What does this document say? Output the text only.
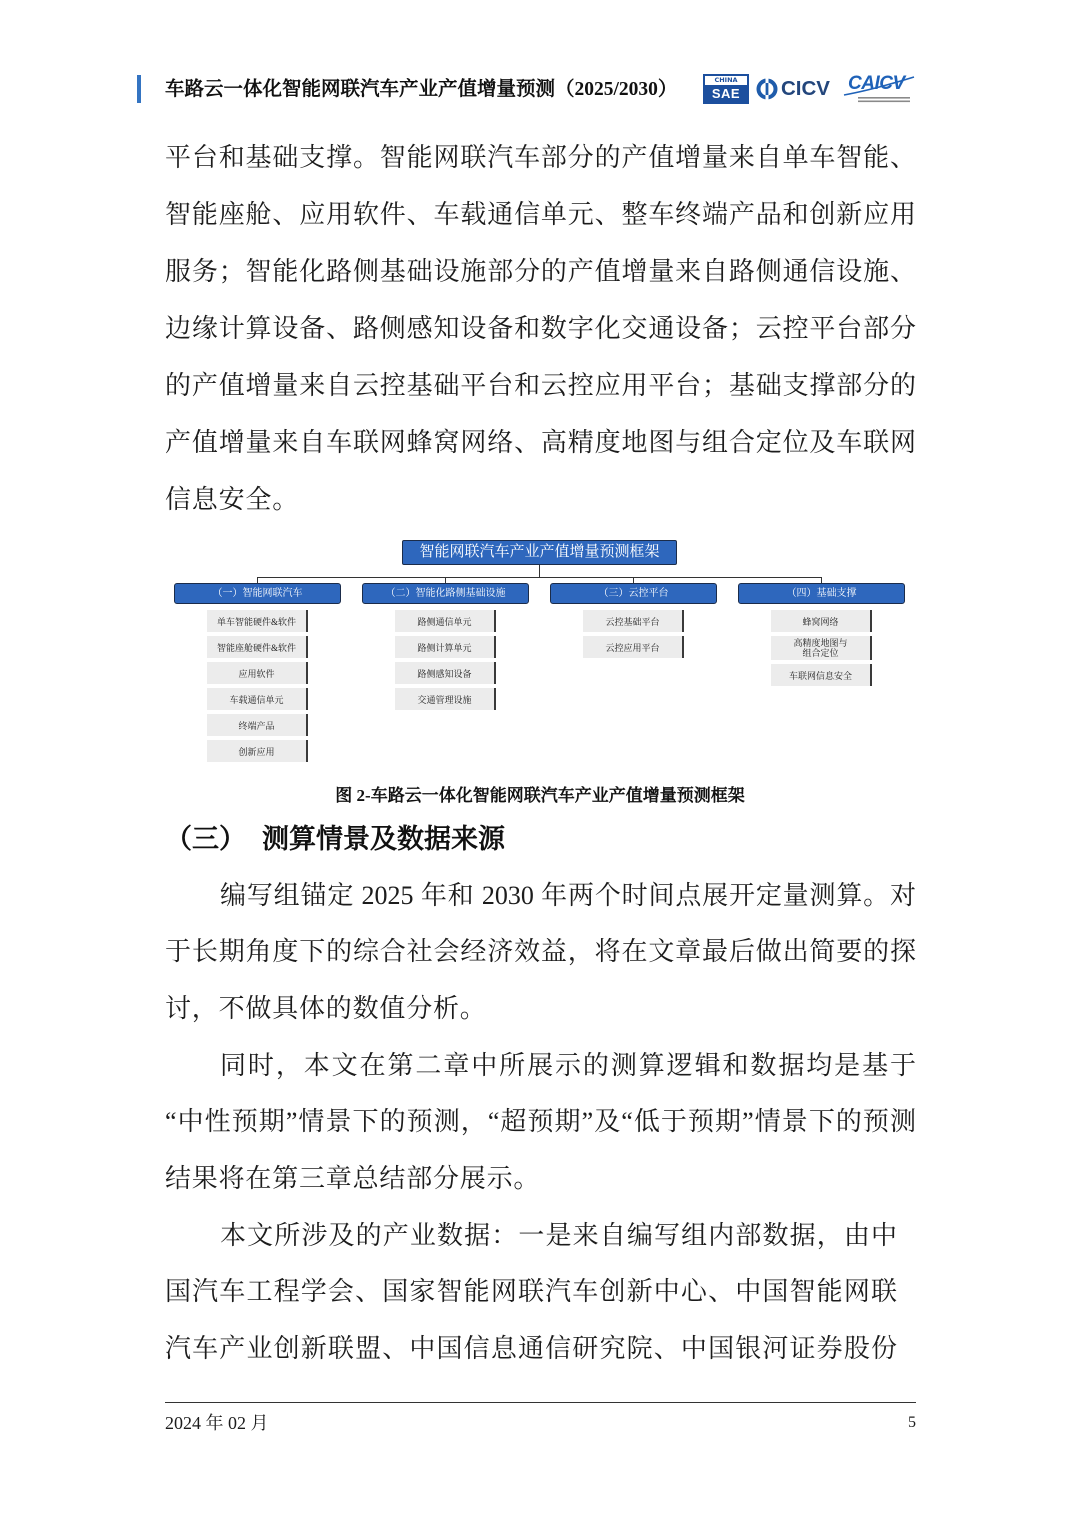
车路云一体化智能网联汽车产业产值增量预测（2025/2030）	CHINA
SAE	CICV CAICV
平台和基础支撑。智能网联汽车部分的产值增量来自单车智能、
智能座舱、应用软件、车载通信单元、整车终端产品和创新应用
服务；智能化路侧基础设施部分的产值增量来自路侧通信设施、
边缘计算设备、路侧感知设备和数字化交通设备；云控平台部分
的产值增量来自云控基础平台和云控应用平台；基础支撑部分的
产值增量来自车联网蜂窝网络、高精度地图与组合定位及车联网
信息安全。
智能网联汽车产业产值增量预测框架
（一）智能网联汽车	（二）智能化路侧基础设施	（三）云控平台	（四）基础支撑
单车智能硬件&软件
智能座舱硬件&软件
应用软件
车载通信单元
终端产品
创新应用
路侧通信单元
路侧计算单元
路侧感知设备
交通管理设施
云控基础平台
云控应用平台
蜂窝网络
高精度地图与组合定位
车联网信息安全
图 2-车路云一体化智能网联汽车产业产值增量预测框架
（三） 测算情景及数据来源
编写组锚定 2025 年和 2030 年两个时间点展开定量测算。对
于长期角度下的综合社会经济效益，将在文章最后做出简要的探
讨，不做具体的数值分析。
同时，本文在第二章中所展示的测算逻辑和数据均是基于
“中性预期”情景下的预测，“超预期”及“低于预期”情景下的预测
结果将在第三章总结部分展示。
本文所涉及的产业数据：一是来自编写组内部数据，由中
国汽车工程学会、国家智能网联汽车创新中心、中国智能网联
汽车产业创新联盟、中国信息通信研究院、中国银河证券股份
2024 年 02 月	5
